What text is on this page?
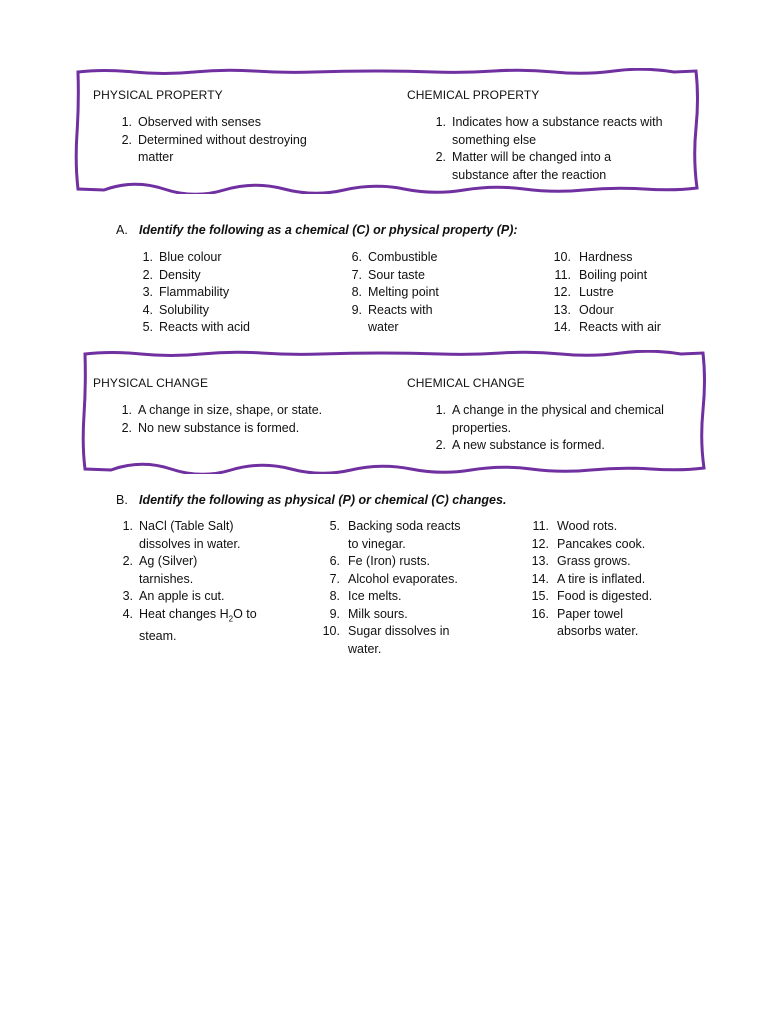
PHYSICAL PROPERTY
1. Observed with senses
2. Determined without destroying matter
CHEMICAL PROPERTY
1. Indicates how a substance reacts with something else
2. Matter will be changed into a substance after the reaction
A. Identify the following as a chemical (C) or physical property (P):
1. Blue colour
2. Density
3. Flammability
4. Solubility
5. Reacts with acid
6. Combustible
7. Sour taste
8. Melting point
9. Reacts with water
10. Hardness
11. Boiling point
12. Lustre
13. Odour
14. Reacts with air
PHYSICAL CHANGE
1. A change in size, shape, or state.
2. No new substance is formed.
CHEMICAL CHANGE
1. A change in the physical and chemical properties.
2. A new substance is formed.
B. Identify the following as physical (P) or chemical (C) changes.
1. NaCl (Table Salt) dissolves in water.
2. Ag (Silver) tarnishes.
3. An apple is cut.
4. Heat changes $H_2O$ to steam.
5. Backing soda reacts to vinegar.
6. Fe (Iron) rusts.
7. Alcohol evaporates.
8. Ice melts.
9. Milk sours.
10. Sugar dissolves in water.
11. Wood rots.
12. Pancakes cook.
13. Grass grows.
14. A tire is inflated.
15. Food is digested.
16. Paper towel absorbs water.
